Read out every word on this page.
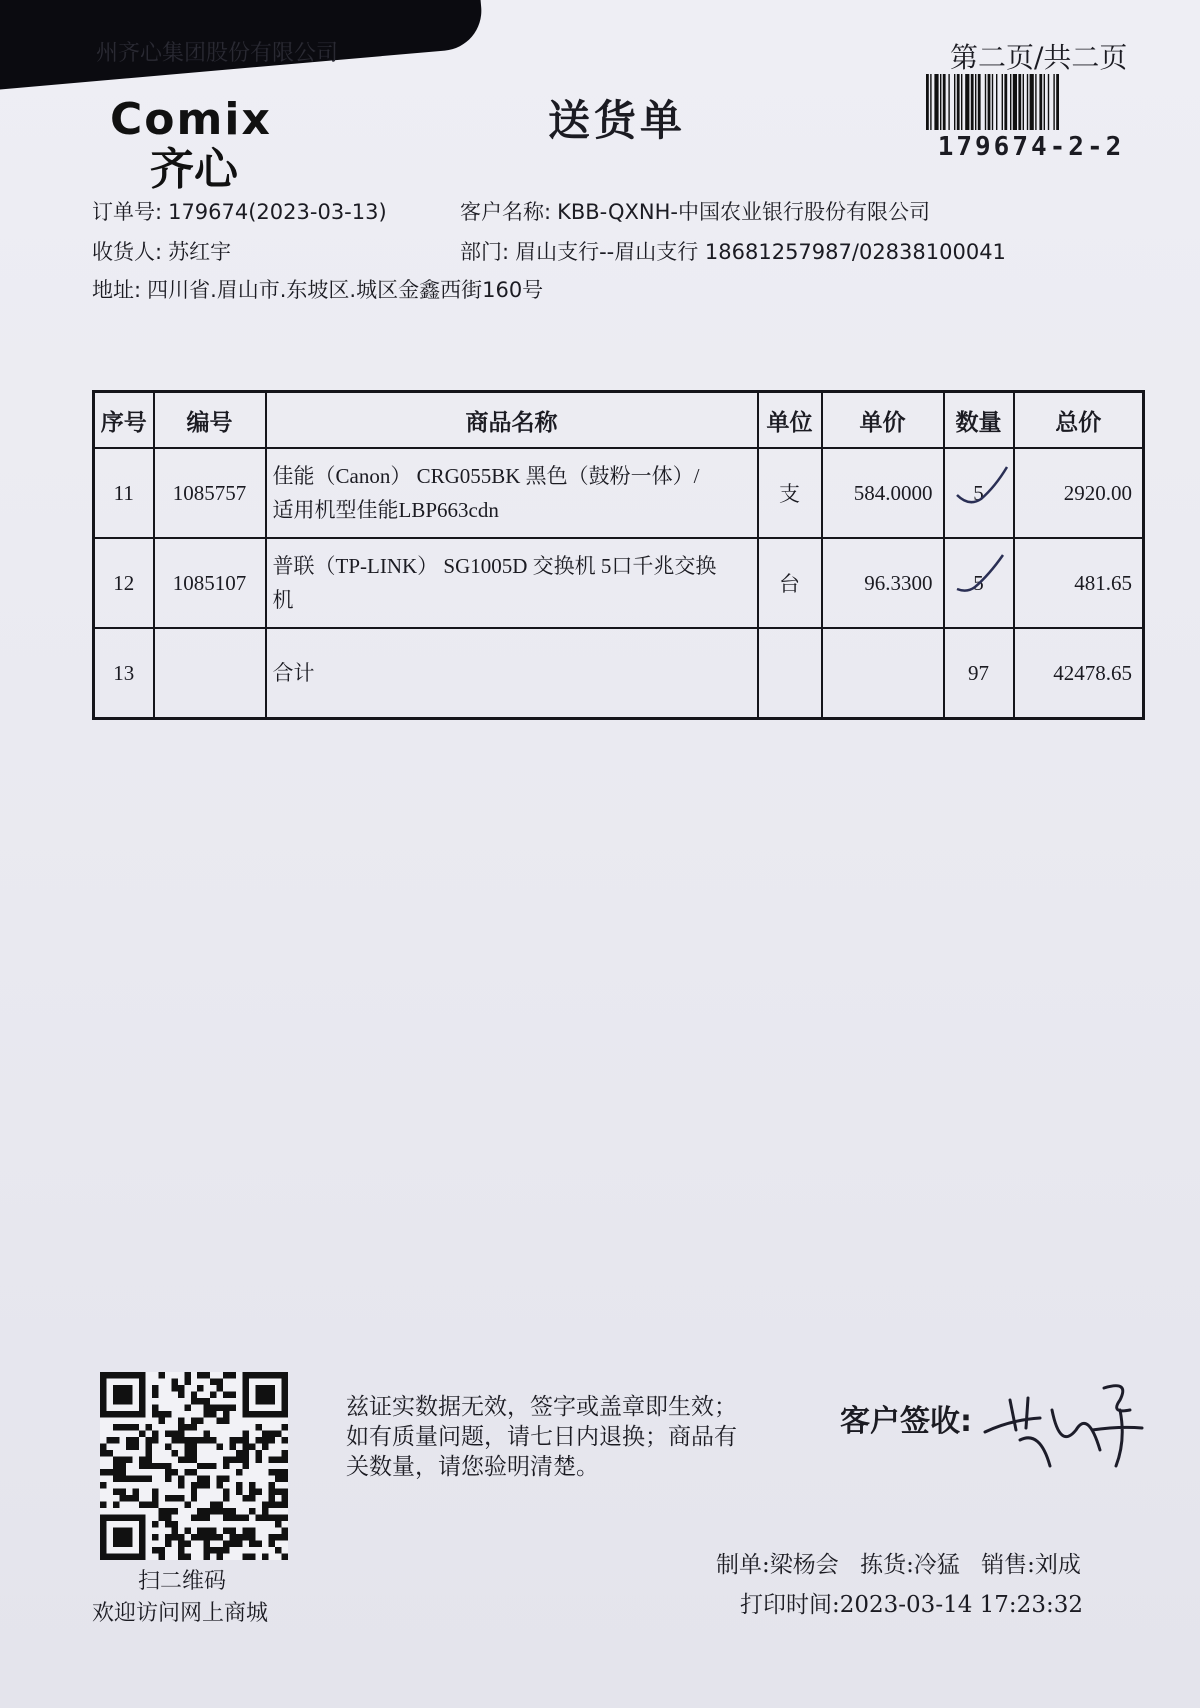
州齐心集团股份有限公司	第二页/共二页
179674-2-2
Comix
齐心
送货单
订单号: 179674(2023-03-13)	客户名称: KBB-QXNH-中国农业银行股份有限公司
收货人: 苏红宇	部门: 眉山支行--眉山支行 18681257987/02838100041
地址: 四川省.眉山市.东坡区.城区金鑫西街160号
序号	编号	商品名称	单位	单价	数量	总价
11	1085757	佳能（Canon） CRG055BK 黑色（鼓粉一体）/
适用机型佳能LBP663cdn	支	584.0000	5	2920.00
12	1085107	普联（TP-LINK） SG1005D 交换机 5口千兆交换
机	台	96.3300	5	481.65
13		合计			97	42478.65
扫二维码
欢迎访问网上商城
兹证实数据无效，签字或盖章即生效；如有质量问题，请七日内退换；商品有关数量，请您验明清楚。
客户签收:
制单:梁杨会 拣货:冷猛 销售:刘成
打印时间:2023-03-14 17:23:32
